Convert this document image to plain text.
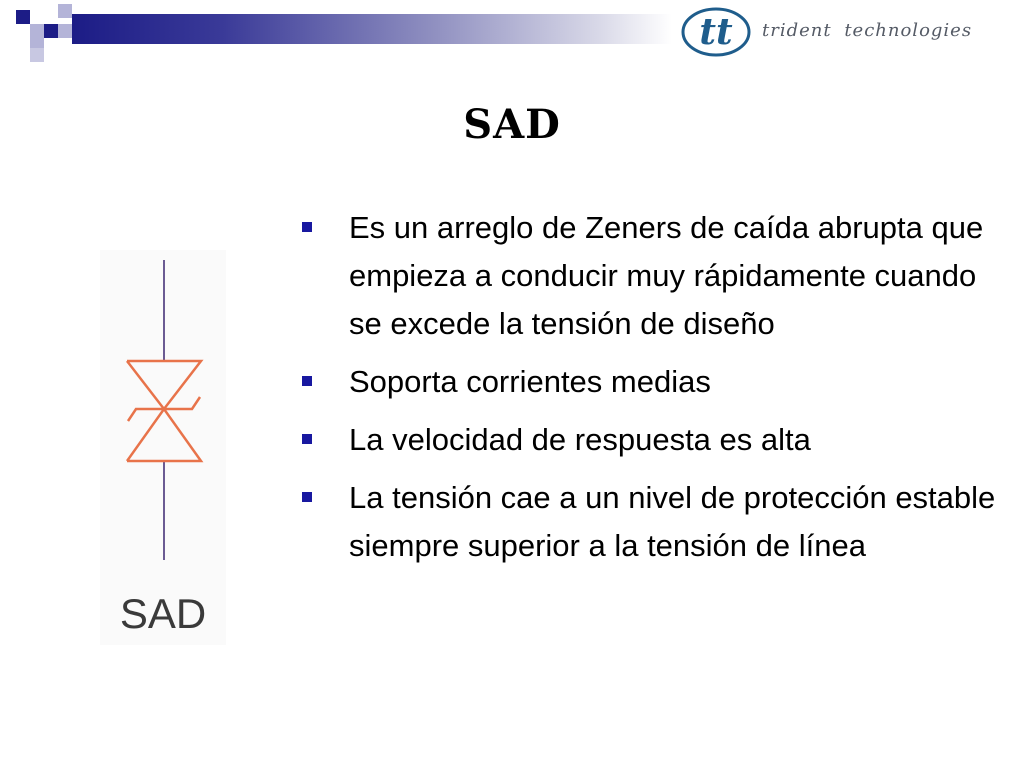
tt trident technologies
SAD
SAD
Es un arreglo de Zeners de caída abrupta que empieza a conducir muy rápidamente cuando se excede la tensión de diseño
Soporta corrientes medias
La velocidad de respuesta es alta
La tensión cae a un nivel de protección estable siempre superior a la tensión de línea
